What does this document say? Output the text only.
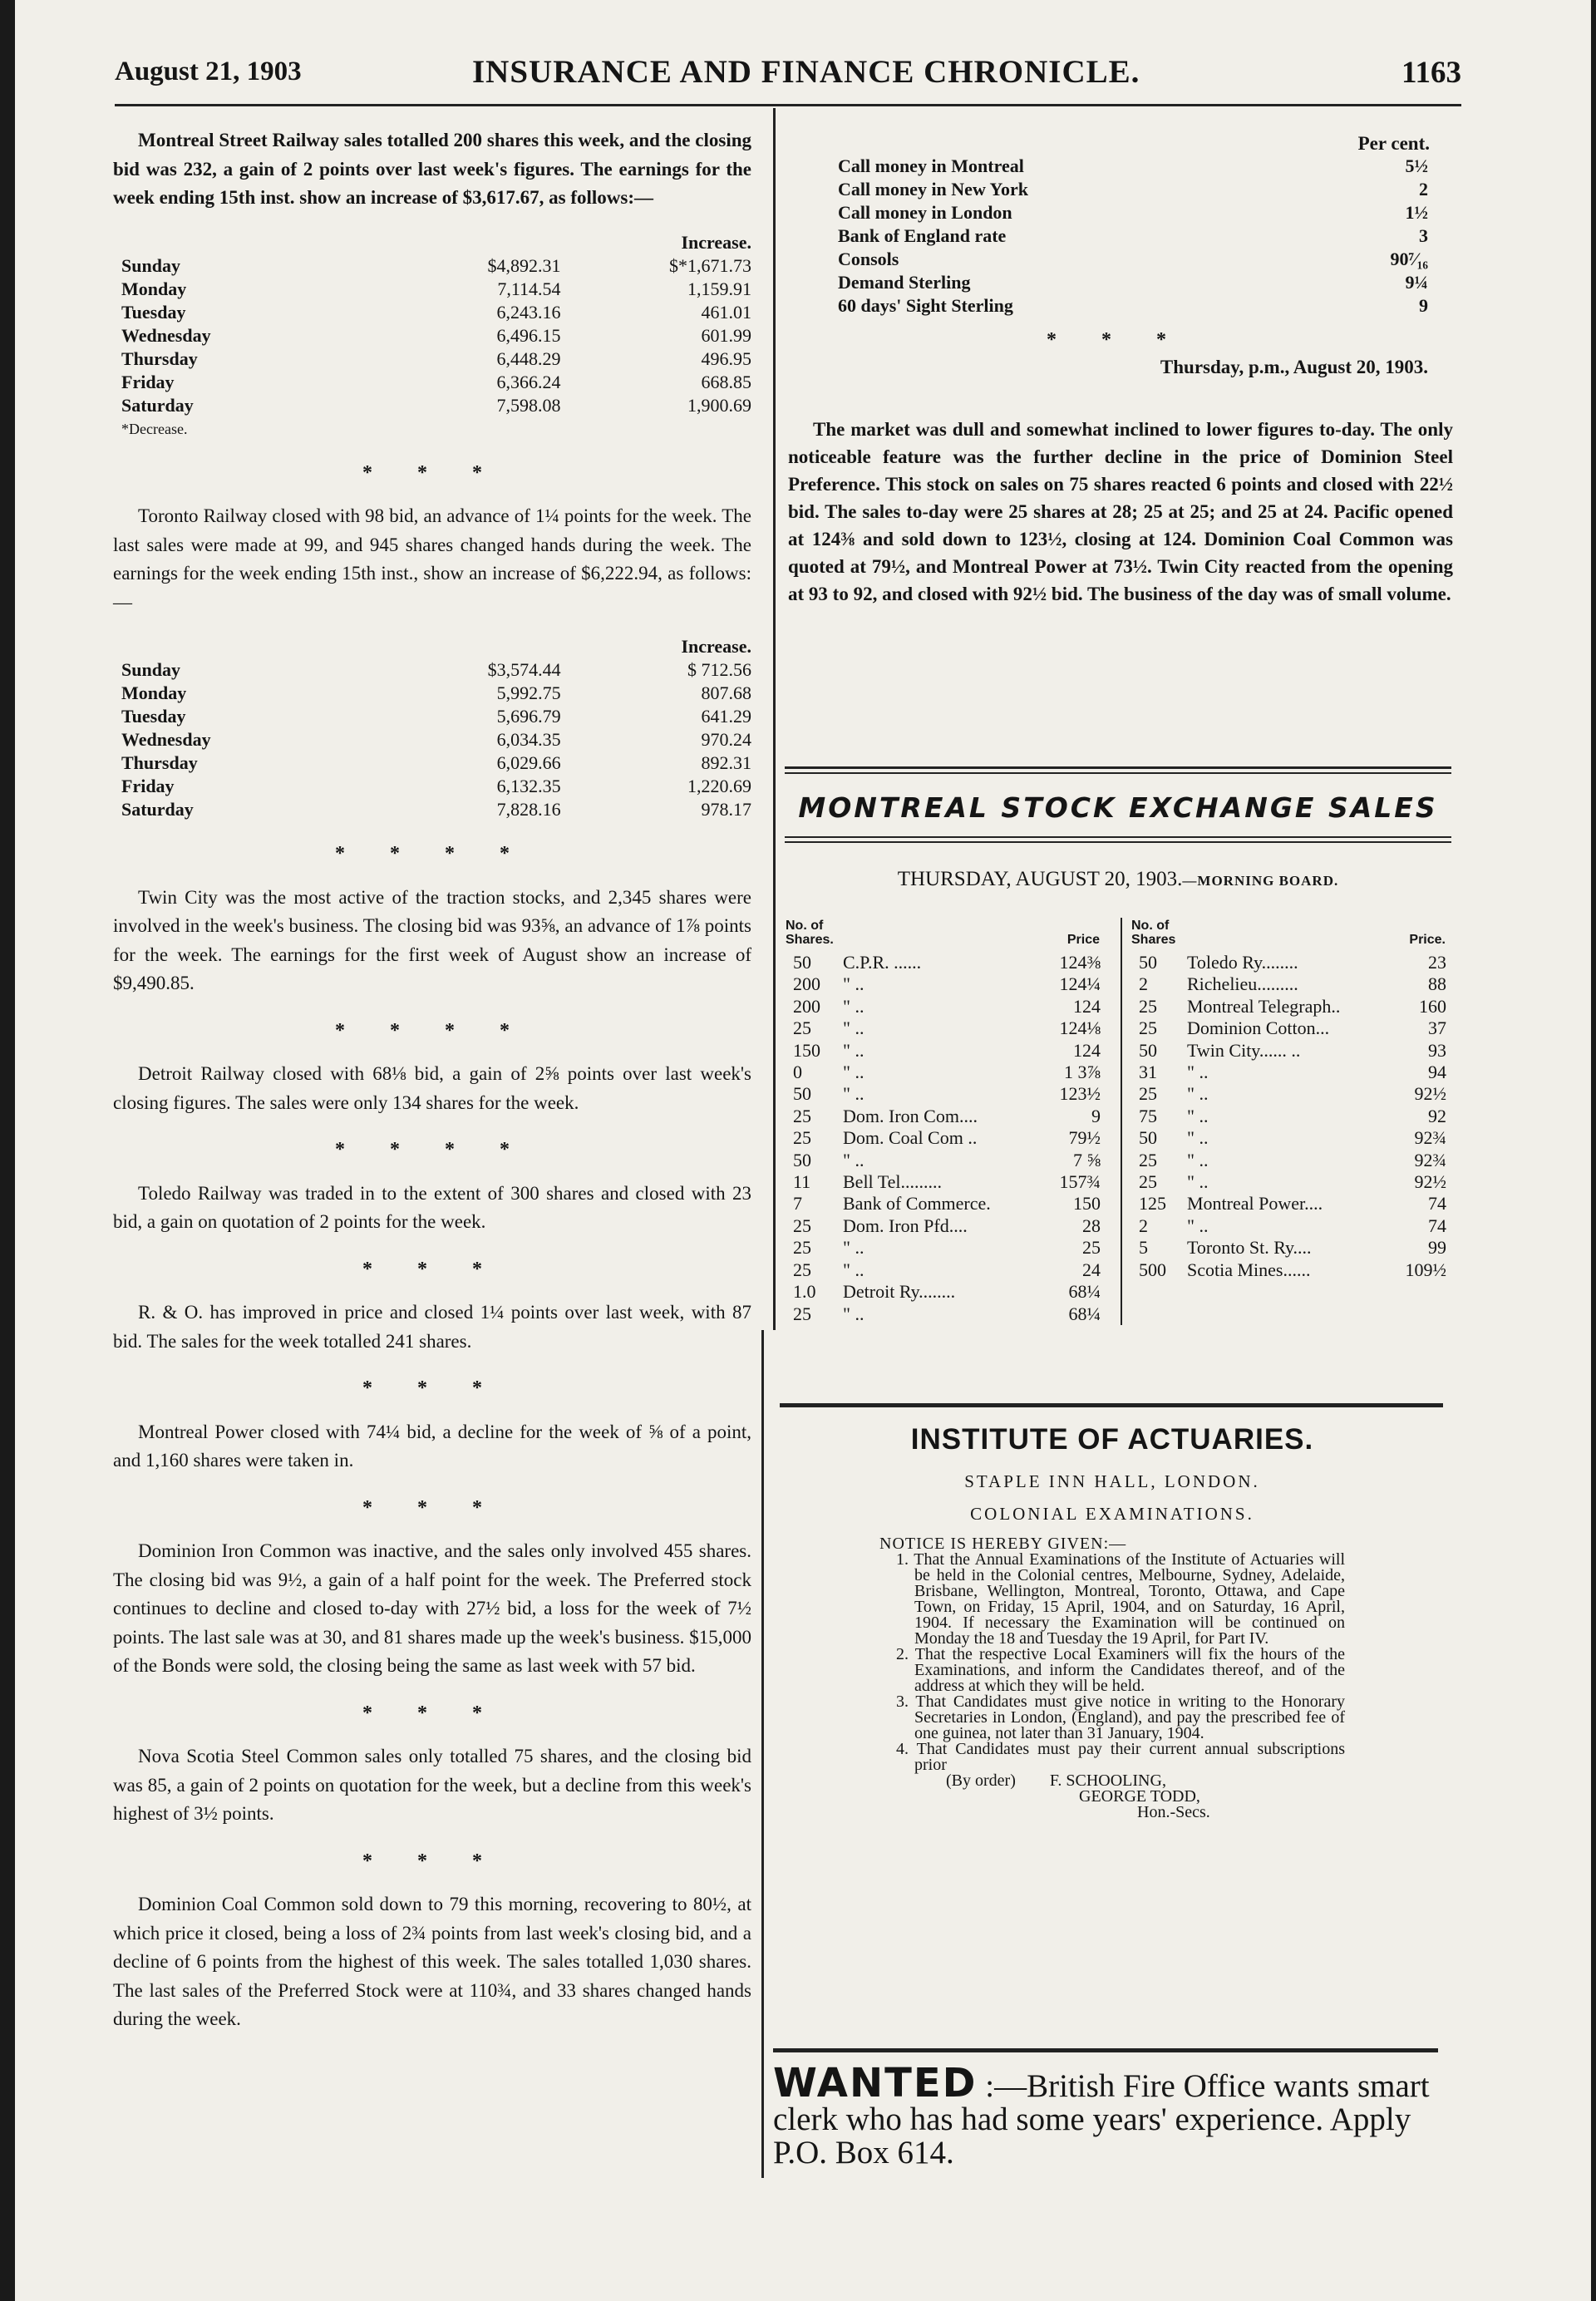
August 21, 1903	INSURANCE AND FINANCE CHRONICLE.	1163

Montreal Street Railway sales totalled 200 shares this week, and the closing bid was 232, a gain of 2 points over last week's figures. The earnings for the week ending 15th inst. show an increase of $3,617.67, as follows:—

		Increase.
Sunday	$4,892.31	$*1,671.73
Monday	7,114.54	1,159.91
Tuesday	6,243.16	461.01
Wednesday	6,496.15	601.99
Thursday	6,448.29	496.95
Friday	6,366.24	668.85
Saturday	7,598.08	1,900.69
*Decrease.		
* * *

Toronto Railway closed with 98 bid, an advance of 1¼ points for the week. The last sales were made at 99, and 945 shares changed hands during the week. The earnings for the week ending 15th inst., show an increase of $6,222.94, as follows:—

		Increase.
Sunday	$3,574.44	$ 712.56
Monday	5,992.75	807.68
Tuesday	5,696.79	641.29
Wednesday	6,034.35	970.24
Thursday	6,029.66	892.31
Friday	6,132.35	1,220.69
Saturday	7,828.16	978.17
* * * *

Twin City was the most active of the traction stocks, and 2,345 shares were involved in the week's business. The closing bid was 93⅝, an advance of 1⅞ points for the week. The earnings for the first week of August show an increase of $9,490.85.

* * * *

Detroit Railway closed with 68⅛ bid, a gain of 2⅝ points over last week's closing figures. The sales were only 134 shares for the week.

* * * *

Toledo Railway was traded in to the extent of 300 shares and closed with 23 bid, a gain on quotation of 2 points for the week.

* * *

R. & O. has improved in price and closed 1¼ points over last week, with 87 bid. The sales for the week totalled 241 shares.

* * *

Montreal Power closed with 74¼ bid, a decline for the week of ⅝ of a point, and 1,160 shares were taken in.

* * *

Dominion Iron Common was inactive, and the sales only involved 455 shares. The closing bid was 9½, a gain of a half point for the week. The Preferred stock continues to decline and closed to-day with 27½ bid, a loss for the week of 7½ points. The last sale was at 30, and 81 shares made up the week's business. $15,000 of the Bonds were sold, the closing being the same as last week with 57 bid.

* * *

Nova Scotia Steel Common sales only totalled 75 shares, and the closing bid was 85, a gain of 2 points on quotation for the week, but a decline from this week's highest of 3½ points.

* * *

Dominion Coal Common sold down to 79 this morning, recovering to 80½, at which price it closed, being a loss of 2¾ points from last week's closing bid, and a decline of 6 points from the highest of this week. The sales totalled 1,030 shares. The last sales of the Preferred Stock were at 110¾, and 33 shares changed hands during the week.

Per cent.
Call money in Montreal	5½
Call money in New York	2
Call money in London	1½
Bank of England rate	3
Consols	90⁷⁄₁₆
Demand Sterling	9¼
60 days' Sight Sterling	9
* * *
Thursday, p.m., August 20, 1903.

The market was dull and somewhat inclined to lower figures to-day. The only noticeable feature was the further decline in the price of Dominion Steel Preference. This stock on sales on 75 shares reacted 6 points and closed with 22½ bid. The sales to-day were 25 shares at 28; 25 at 25; and 25 at 24. Pacific opened at 124⅜ and sold down to 123½, closing at 124. Dominion Coal Common was quoted at 79½, and Montreal Power at 73½. Twin City reacted from the opening at 93 to 92, and closed with 92½ bid. The business of the day was of small volume.

MONTREAL STOCK EXCHANGE SALES
THURSDAY, AUGUST 20, 1903.—MORNING BOARD.
No. of Shares.		Price
50	C.P.R. ......	124⅜
200	" ..	124¼
200	" ..	124
25	" ..	124⅛
150	" ..	124
0	" ..	1 3⅞
50	" ..	123½
25	Dom. Iron Com....	9
25	Dom. Coal Com ..	79½
50	" ..	7 ⅝
11	Bell Tel.........	157¾
7	Bank of Commerce.	150
25	Dom. Iron Pfd....	28
25	" ..	25
25	" ..	24
1.0	Detroit Ry........	68¼
25	" ..	68¼
No. of Shares		Price.
50	Toledo Ry........	23
2	Richelieu.........	88
25	Montreal Telegraph..	160
25	Dominion Cotton...	37
50	Twin City...... ..	93
31	" ..	94
25	" ..	92½
75	" ..	92
50	" ..	92¾
25	" ..	92¾
25	" ..	92½
125	Montreal Power....	74
2	" ..	74
5	Toronto St. Ry....	99
500	Scotia Mines......	109½
INSTITUTE OF ACTUARIES.
STAPLE INN HALL, LONDON.
COLONIAL EXAMINATIONS.
NOTICE IS HEREBY GIVEN:—
1. That the Annual Examinations of the Institute of Actuaries will be held in the Colonial centres, Melbourne, Sydney, Adelaide, Brisbane, Wellington, Montreal, Toronto, Ottawa, and Cape Town, on Friday, 15 April, 1904, and on Saturday, 16 April, 1904. If necessary the Examination will be continued on Monday the 18 and Tuesday the 19 April, for Part IV.
2. That the respective Local Examiners will fix the hours of the Examinations, and inform the Candidates thereof, and of the address at which they will be held.
3. That Candidates must give notice in writing to the Honorary Secretaries in London, (England), and pay the prescribed fee of one guinea, not later than 31 January, 1904.
4. That Candidates must pay their current annual subscriptions prior
(By order) F. SCHOOLING,
GEORGE TODD,
Hon.-Secs.
WANTED :—British Fire Office wants smart clerk who has had some years' experience. Apply P.O. Box 614.
